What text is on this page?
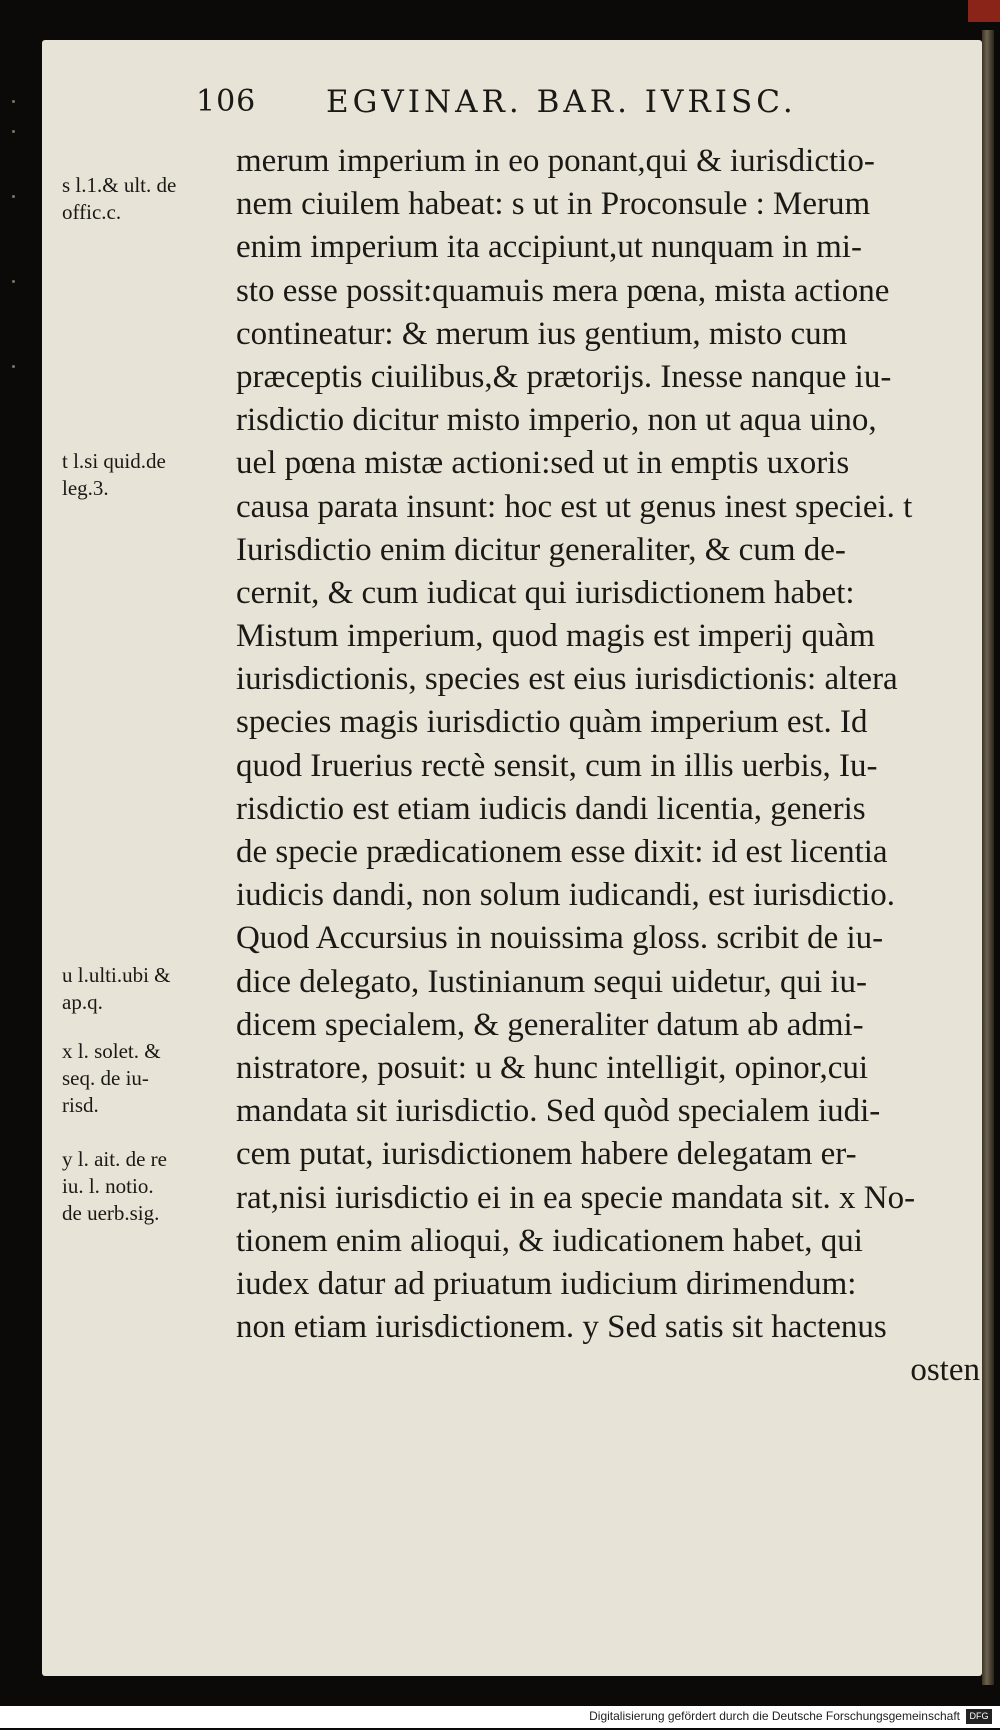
106 EGVINAR. BAR. IVRISC.
merum imperium in eo ponant,qui & iurisdictio-
nem ciuilem habeat: s ut in Proconsule : Merum
enim imperium ita accipiunt,ut nunquam in mi-
sto esse possit:quamuis mera pœna, mista actione
contineatur: & merum ius gentium, misto cum
præceptis ciuilibus,& prætorijs. Inesse nanque iu-
risdictio dicitur misto imperio, non ut aqua uino,
uel pœna mistæ actioni:sed ut in emptis uxoris
causa parata insunt: hoc est ut genus inest speciei. t
Iurisdictio enim dicitur generaliter, & cum de-
cernit, & cum iudicat qui iurisdictionem habet:
Mistum imperium, quod magis est imperij quàm
iurisdictionis, species est eius iurisdictionis: altera
species magis iurisdictio quàm imperium est. Id
quod Iruerius rectè sensit, cum in illis uerbis, Iu-
risdictio est etiam iudicis dandi licentia, generis
de specie prædicationem esse dixit: id est licentia
iudicis dandi, non solum iudicandi, est iurisdictio.
Quod Accursius in nouissima gloss. scribit de iu-
dice delegato, Iustinianum sequi uidetur, qui iu-
dicem specialem, & generaliter datum ab admi-
nistratore, posuit: u & hunc intelligit, opinor,cui
mandata sit iurisdictio. Sed quòd specialem iudi-
cem putat, iurisdictionem habere delegatam er-
rat,nisi iurisdictio ei in ea specie mandata sit. x No-
tionem enim alioqui, & iudicationem habet, qui
iudex datur ad priuatum iudicium dirimendum:
non etiam iurisdictionem. y Sed satis sit hactenus
osten
s l.1.& ult. de
offic.c.
t l.si quid.de
leg.3.
u l.ulti.ubi &
ap.q.
x l. solet. &
seq. de iu-
risd.
y l. ait. de re
iu. l. notio.
de uerb.sig.
Digitalisierung gefördert durch die Deutsche Forschungsgemeinschaft	DFG
